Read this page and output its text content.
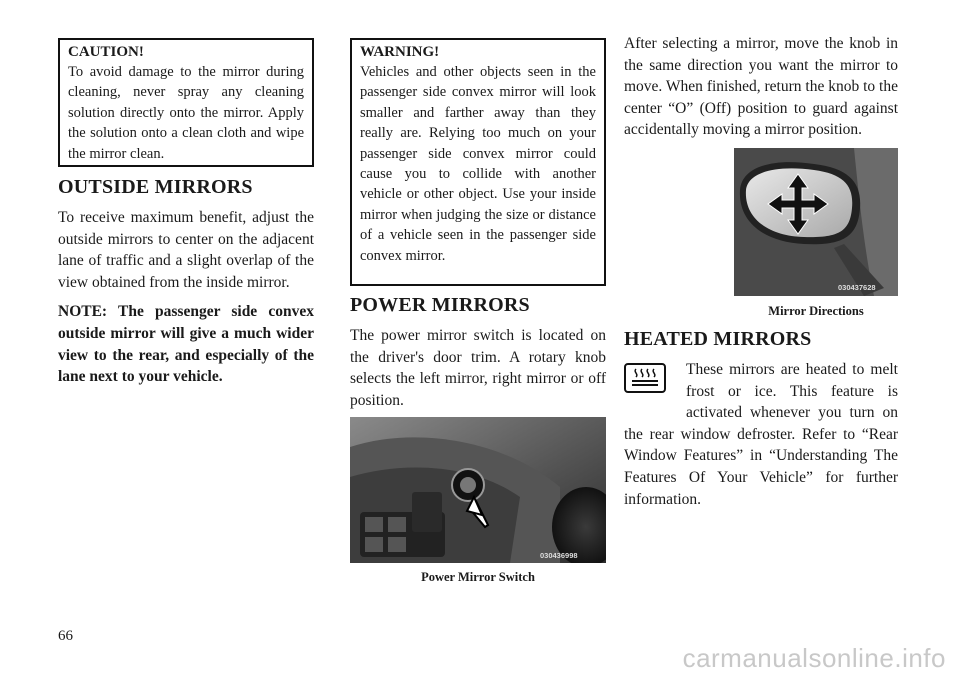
CAUTION!

To avoid damage to the mirror during cleaning, never spray any cleaning solution directly onto the mirror. Apply the solution onto a clean cloth and wipe the mirror clean.

OUTSIDE MIRRORS

To receive maximum benefit, adjust the outside mirrors to center on the adjacent lane of traffic and a slight overlap of the view obtained from the inside mirror.

NOTE: The passenger side convex outside mirror will give a much wider view to the rear, and especially of the lane next to your vehicle.

WARNING!

Vehicles and other objects seen in the passenger side convex mirror will look smaller and farther away than they really are. Relying too much on your passenger side convex mirror could cause you to collide with another vehicle or other object. Use your inside mirror when judging the size or distance of a vehicle seen in the passenger side convex mirror.

POWER MIRRORS

The power mirror switch is located on the driver's door trim. A rotary knob selects the left mirror, right mirror or off position.

030436998
Power Mirror Switch

After selecting a mirror, move the knob in the same direction you want the mirror to move. When finished, return the knob to the center “O” (Off) position to guard against accidentally moving a mirror position.

030437628
Mirror Directions
HEATED MIRRORS

These mirrors are heated to melt frost or ice. This feature is activated whenever you turn on the rear window defroster. Refer to “Rear Window Features” in “Understanding The Features Of Your Vehicle” for further information.

66
carmanualsonline.info
